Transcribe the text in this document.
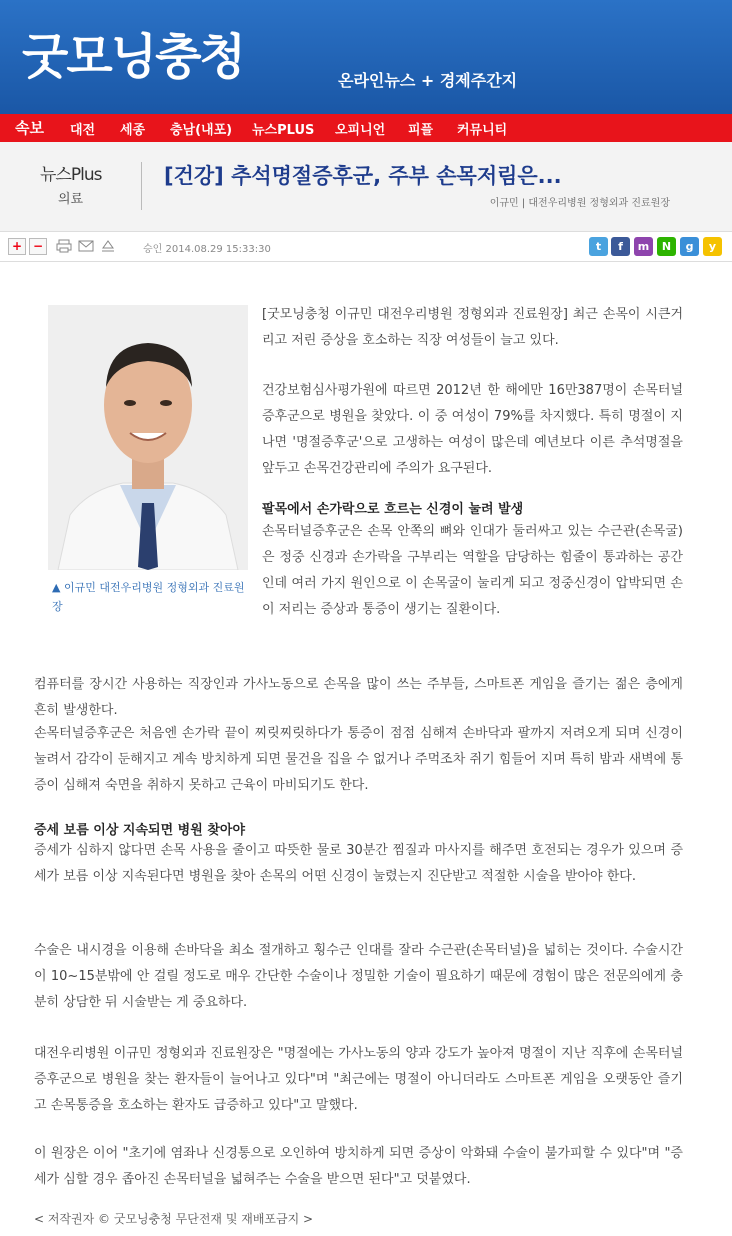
굿모닝충청	온라인뉴스 + 경제주간지
속보 대전 세종 충남(내포) 뉴스PLUS 오피니언 피플 커뮤니티
뉴스Plus
의료
[건강] 추석명절증후군, 주부 손목저림은...
이규민 | 대전우리병원 정형외과 진료원장
+ −	승인 2014.08.29 15:33:30	t	f	m	N	g	y
▲ 이규민 대전우리병원 정형외과 진료원장
[굿모닝충청 이규민 대전우리병원 정형외과 진료원장] 최근 손목이 시큰거리고 저린 증상을 호소하는 직장 여성들이 늘고 있다.
건강보험심사평가원에 따르면 2012년 한 해에만 16만387명이 손목터널증후군으로 병원을 찾았다. 이 중 여성이 79%를 차지했다. 특히 명절이 지나면 '명절증후군'으로 고생하는 여성이 많은데 예년보다 이른 추석명절을 앞두고 손목건강관리에 주의가 요구된다.
팔목에서 손가락으로 흐르는 신경이 눌려 발생
손목터널증후군은 손목 안쪽의 뼈와 인대가 둘러싸고 있는 수근관(손목굴)은 정중 신경과 손가락을 구부리는 역할을 담당하는 힘줄이 통과하는 공간인데 여러 가지 원인으로 이 손목굴이 눌리게 되고 정중신경이 압박되면 손이 저리는 증상과 통증이 생기는 질환이다.
컴퓨터를 장시간 사용하는 직장인과 가사노동으로 손목을 많이 쓰는 주부들, 스마트폰 게임을 즐기는 젊은 층에게 흔히 발생한다.
손목터널증후군은 처음엔 손가락 끝이 찌릿찌릿하다가 통증이 점점 심해져 손바닥과 팔까지 저려오게 되며 신경이 눌려서 감각이 둔해지고 계속 방치하게 되면 물건을 집을 수 없거나 주먹조차 쥐기 힘들어 지며 특히 밤과 새벽에 통증이 심해져 숙면을 취하지 못하고 근육이 마비되기도 한다.
증세 보름 이상 지속되면 병원 찾아야
증세가 심하지 않다면 손목 사용을 줄이고 따뜻한 물로 30분간 찜질과 마사지를 해주면 호전되는 경우가 있으며 증세가 보름 이상 지속된다면 병원을 찾아 손목의 어떤 신경이 눌렸는지 진단받고 적절한 시술을 받아야 한다.
수술은 내시경을 이용해 손바닥을 최소 절개하고 횡수근 인대를 잘라 수근관(손목터널)을 넓히는 것이다. 수술시간이 10~15분밖에 안 걸릴 정도로 매우 간단한 수술이나 정밀한 기술이 필요하기 때문에 경험이 많은 전문의에게 충분히 상담한 뒤 시술받는 게 중요하다.
대전우리병원 이규민 정형외과 진료원장은 "명절에는 가사노동의 양과 강도가 높아져 명절이 지난 직후에 손목터널증후군으로 병원을 찾는 환자들이 늘어나고 있다"며 "최근에는 명절이 아니더라도 스마트폰 게임을 오랫동안 즐기고 손목통증을 호소하는 환자도 급증하고 있다"고 말했다.
이 원장은 이어 "초기에 염좌나 신경통으로 오인하여 방치하게 되면 증상이 악화돼 수술이 불가피할 수 있다"며 "증세가 심할 경우 좁아진 손목터널을 넓혀주는 수술을 받으면 된다"고 덧붙였다.
< 저작권자 © 굿모닝충청 무단전재 및 재배포금지 >
